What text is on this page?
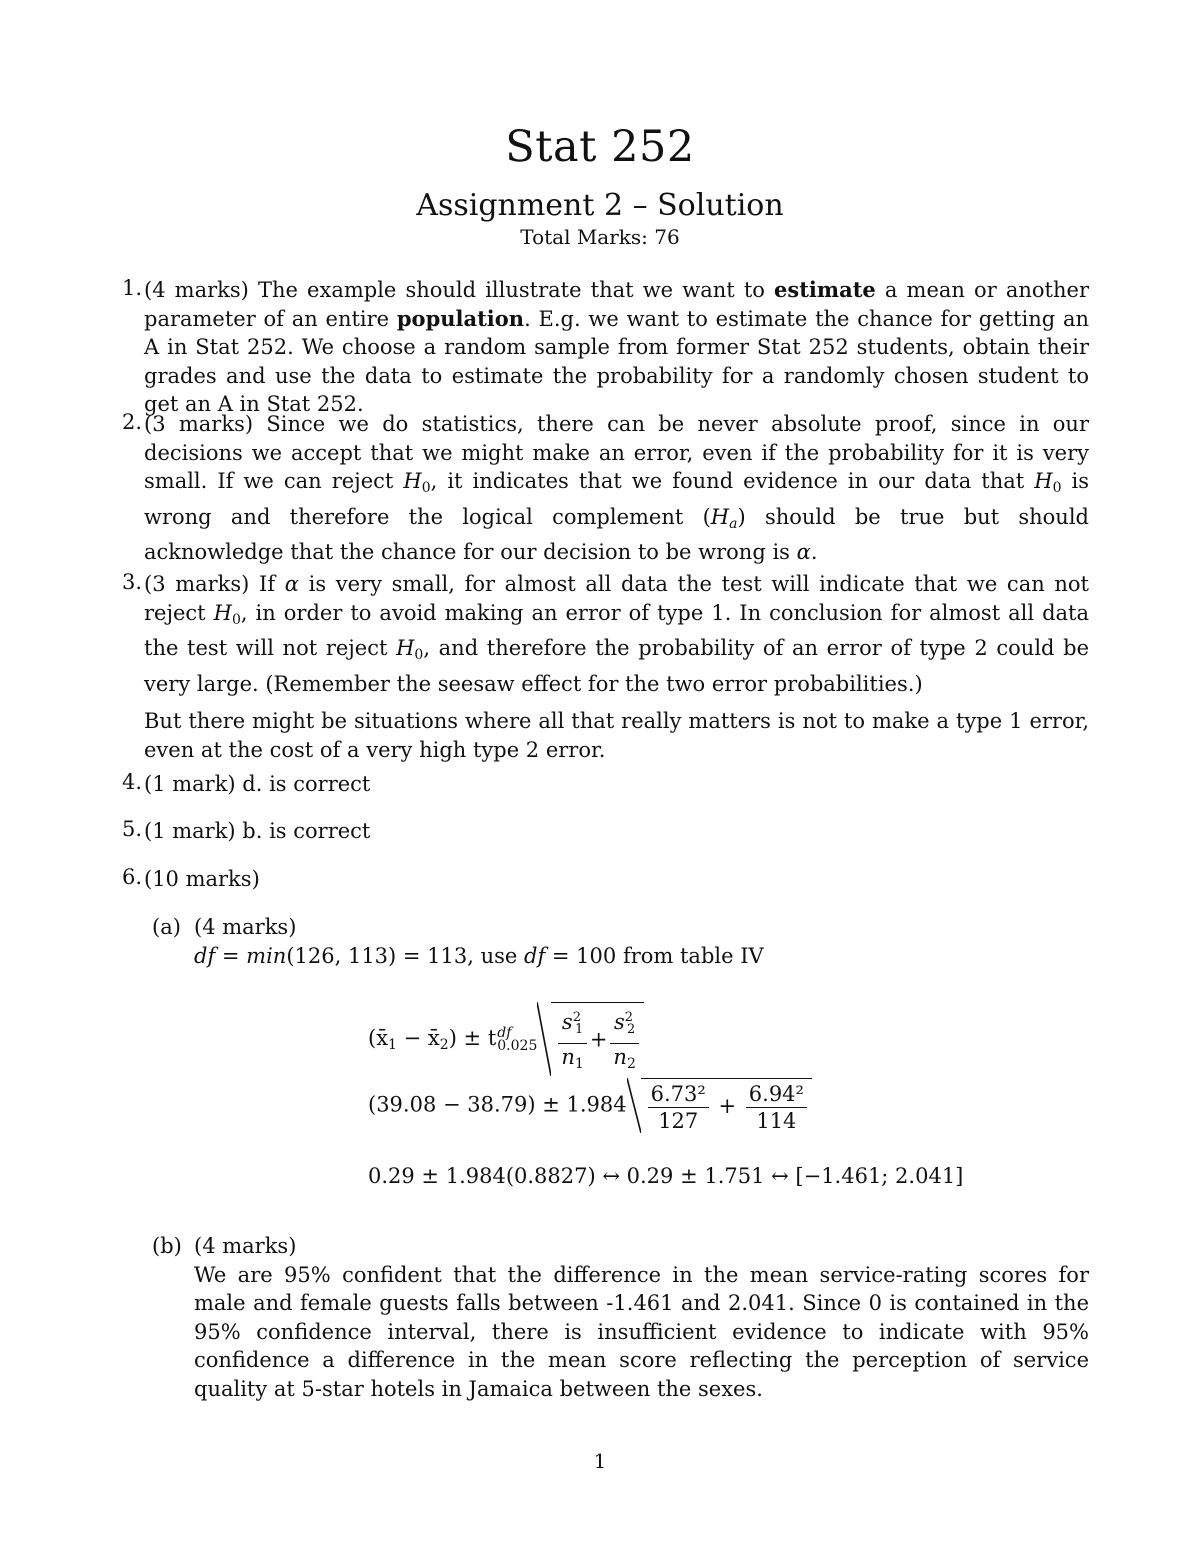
Stat 252
Assignment 2 – Solution
Total Marks: 76
1. (4 marks) The example should illustrate that we want to estimate a mean or another parameter of an entire population. E.g. we want to estimate the chance for getting an A in Stat 252. We choose a random sample from former Stat 252 students, obtain their grades and use the data to estimate the probability for a randomly chosen student to get an A in Stat 252.

2. (3 marks) Since we do statistics, there can be never absolute proof, since in our decisions we accept that we might make an error, even if the probability for it is very small. If we can reject $H_0$, it indicates that we found evidence in our data that $H_0$ is wrong and therefore the logical complement $(H_a)$ should be true but should acknowledge that the chance for our decision to be wrong is α.

3. (3 marks) If α is very small, for almost all data the test will indicate that we can not reject $H_0$, in order to avoid making an error of type 1. In conclusion for almost all data the test will not reject $H_0$, and therefore the probability of an error of type 2 could be very large. (Remember the seesaw effect for the two error probabilities.)

But there might be situations where all that really matters is not to make a type 1 error, even at the cost of a very high type 2 error.

4. (1 mark) d. is correct

5. (1 mark) b. is correct

6. (10 marks)

(a) (4 marks)
df = min(126, 113) = 113, use df = 100 from table IV
($x̄_1$ − $x̄_2) \pm t$ df
$0.025 \frac{s^2_1}{n_1} + \frac{s^2_2}{n_2}$
$(39.08 - 38.79) \pm 1.984 \frac{\text{6.73²}}{127} + \frac{\text{6.94²}}{114}$
0.29 ± 1.984(0.8827) ↔ 0.29 ± 1.751 ↔ [−1.461; 2.041]
(b) (4 marks)
We are 95% confident that the difference in the mean service-rating scores for male and female guests falls between -1.461 and 2.041. Since 0 is contained in the 95% confidence interval, there is insufficient evidence to indicate with 95% confidence a difference in the mean score reflecting the perception of service quality at 5-star hotels in Jamaica between the sexes.
1
